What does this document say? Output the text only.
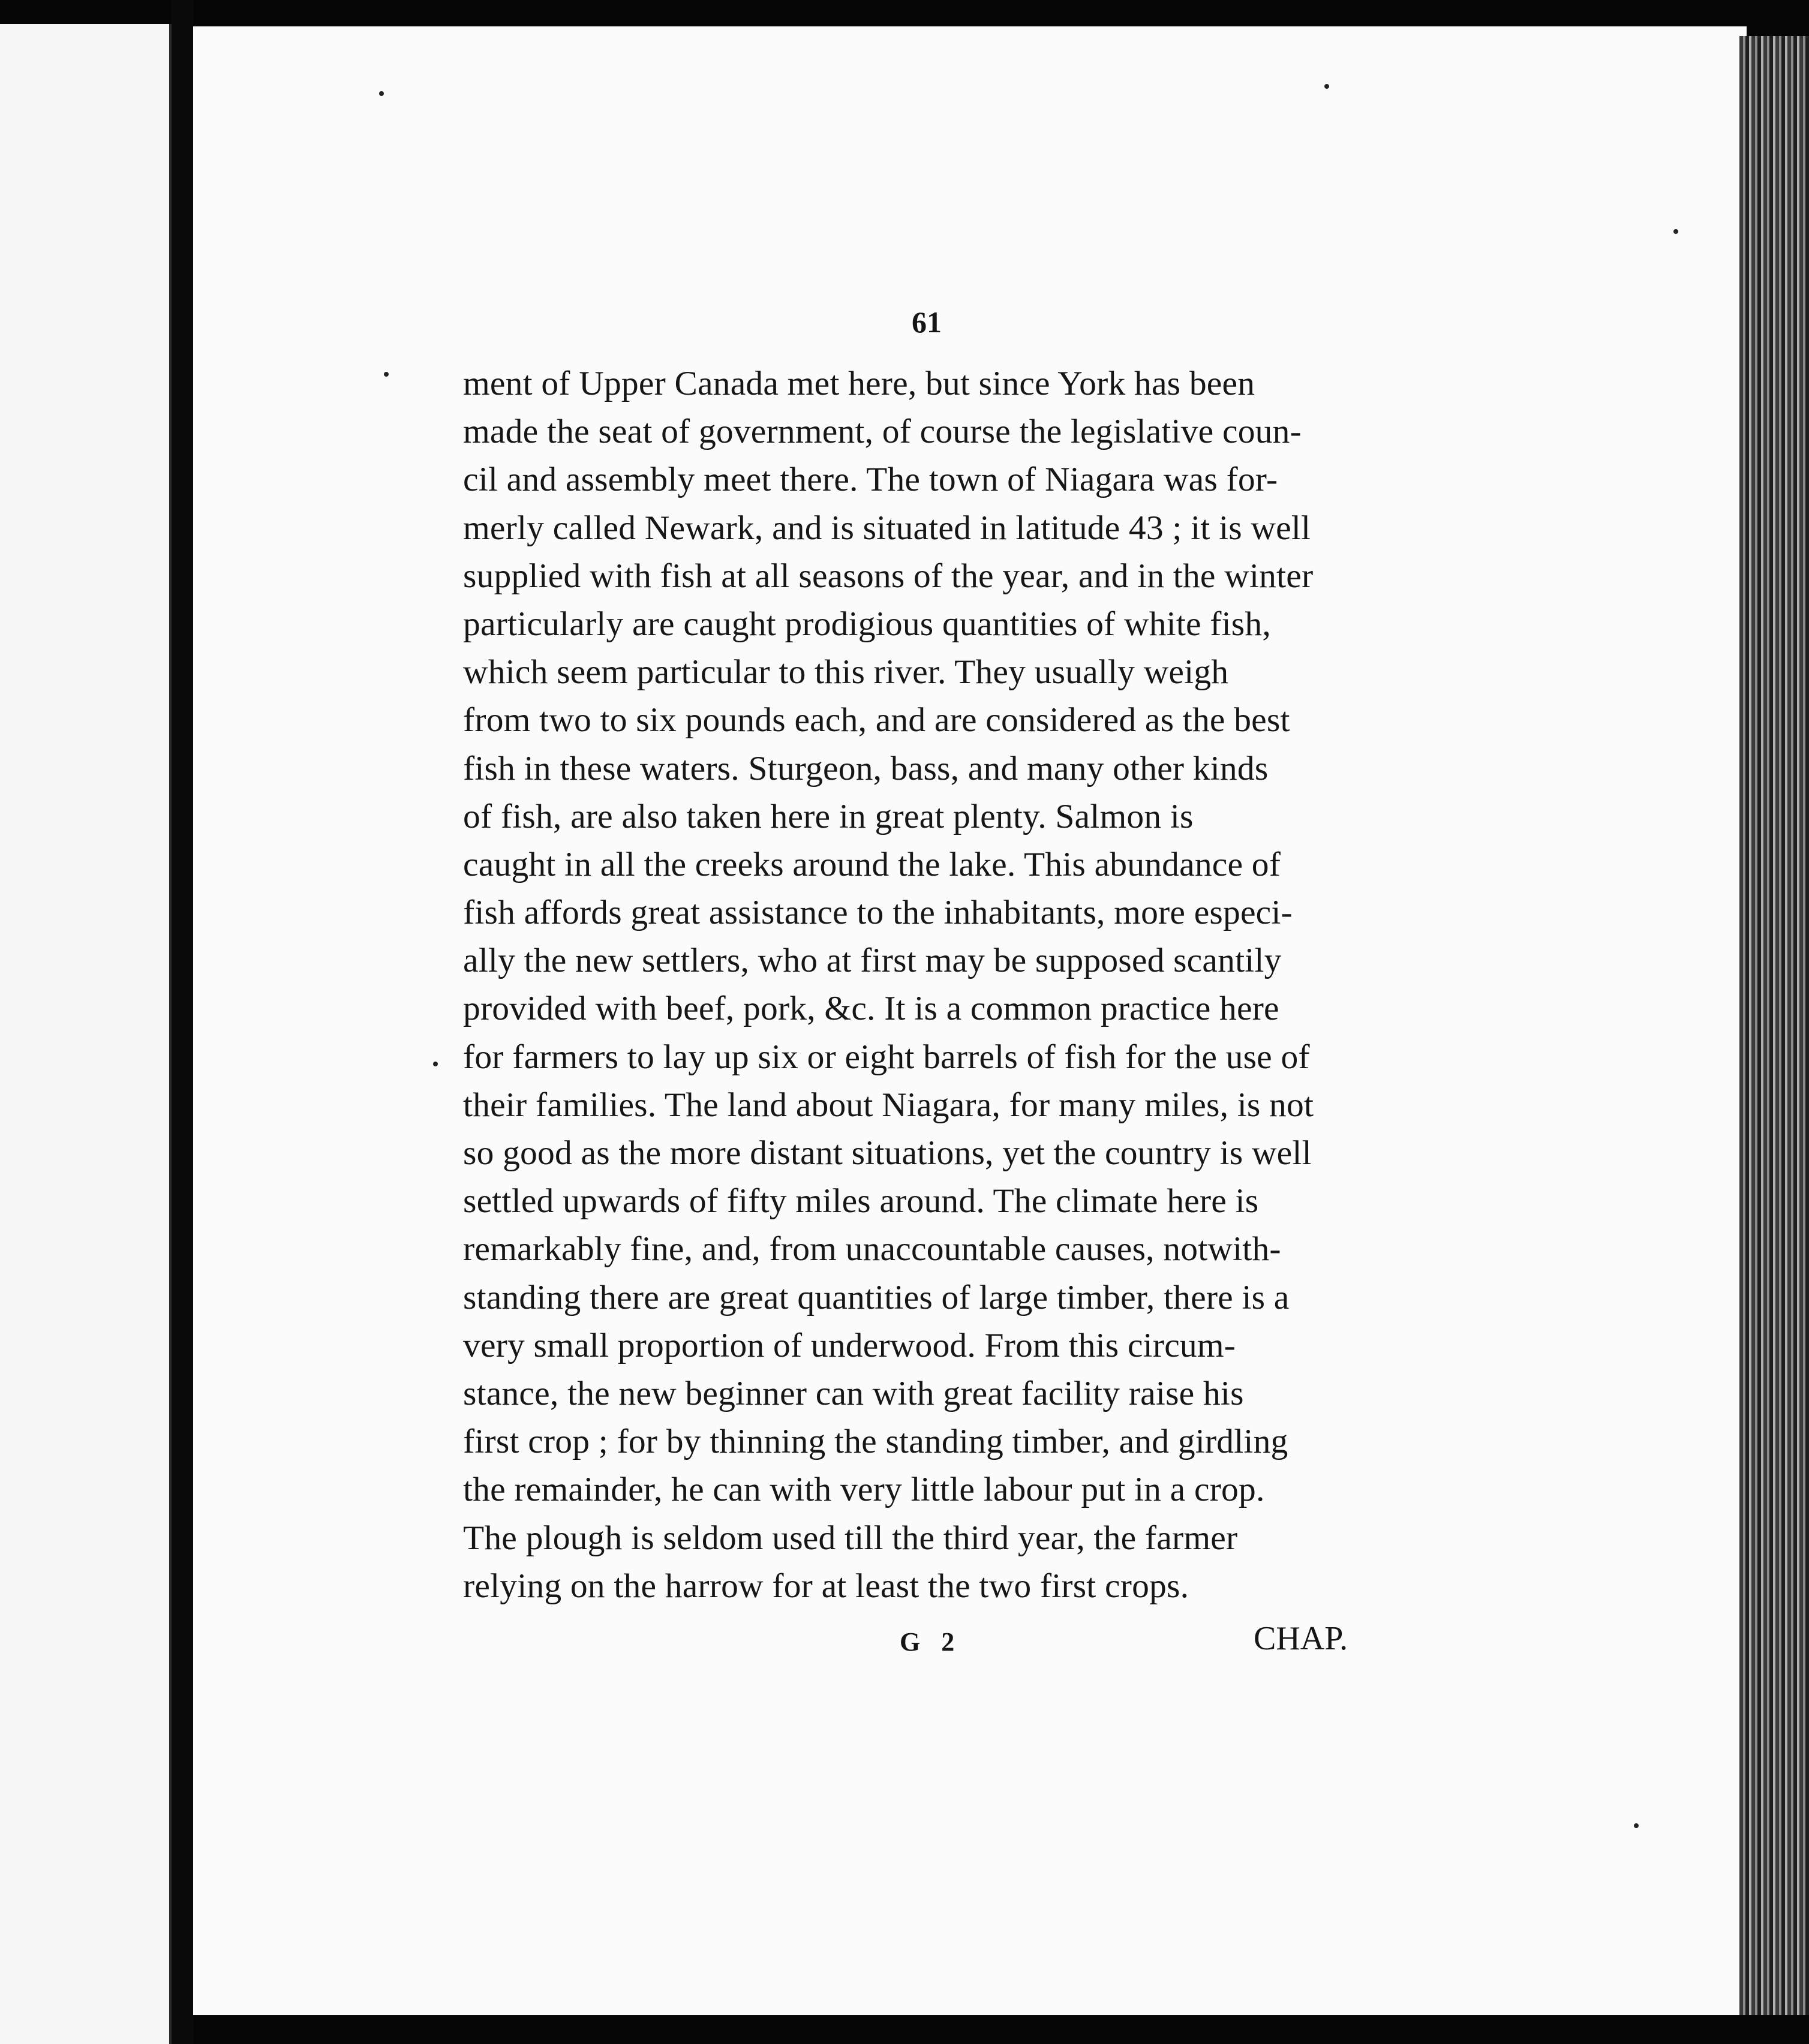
61
ment of Upper Canada met here, but since York has been
made the seat of government, of course the legislative coun-
cil and assembly meet there. The town of Niagara was for-
merly called Newark, and is situated in latitude 43 ; it is well
supplied with fish at all seasons of the year, and in the winter
particularly are caught prodigious quantities of white fish,
which seem particular to this river. They usually weigh
from two to six pounds each, and are considered as the best
fish in these waters. Sturgeon, bass, and many other kinds
of fish, are also taken here in great plenty. Salmon is
caught in all the creeks around the lake. This abundance of
fish affords great assistance to the inhabitants, more especi-
ally the new settlers, who at first may be supposed scantily
provided with beef, pork, &c. It is a common practice here
for farmers to lay up six or eight barrels of fish for the use of
their families. The land about Niagara, for many miles, is not
so good as the more distant situations, yet the country is well
settled upwards of fifty miles around. The climate here is
remarkably fine, and, from unaccountable causes, notwith-
standing there are great quantities of large timber, there is a
very small proportion of underwood. From this circum-
stance, the new beginner can with great facility raise his
first crop ; for by thinning the standing timber, and girdling
the remainder, he can with very little labour put in a crop.
The plough is seldom used till the third year, the farmer
relying on the harrow for at least the two first crops.
G 2	CHAP.
